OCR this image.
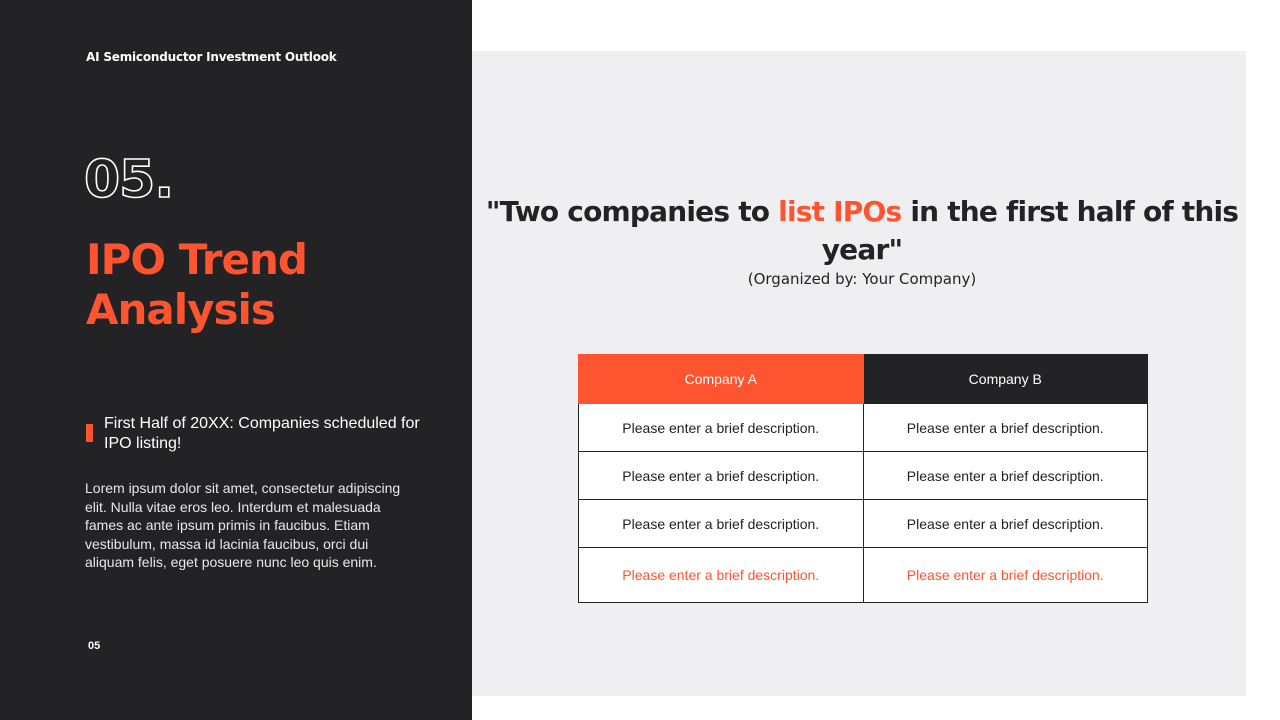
AI Semiconductor Investment Outlook
05.
IPO Trend Analysis
First Half of 20XX: Companies scheduled for IPO listing!
Lorem ipsum dolor sit amet, consectetur adipiscing elit. Nulla vitae eros leo. Interdum et malesuada fames ac ante ipsum primis in faucibus. Etiam vestibulum, massa id lacinia faucibus, orci dui aliquam felis, eget posuere nunc leo quis enim.
05
"Two companies to list IPOs in the first half of this year"
(Organized by: Your Company)
Company A	Company B
Please enter a brief description.	Please enter a brief description.
Please enter a brief description.	Please enter a brief description.
Please enter a brief description.	Please enter a brief description.
Please enter a brief description.	Please enter a brief description.
